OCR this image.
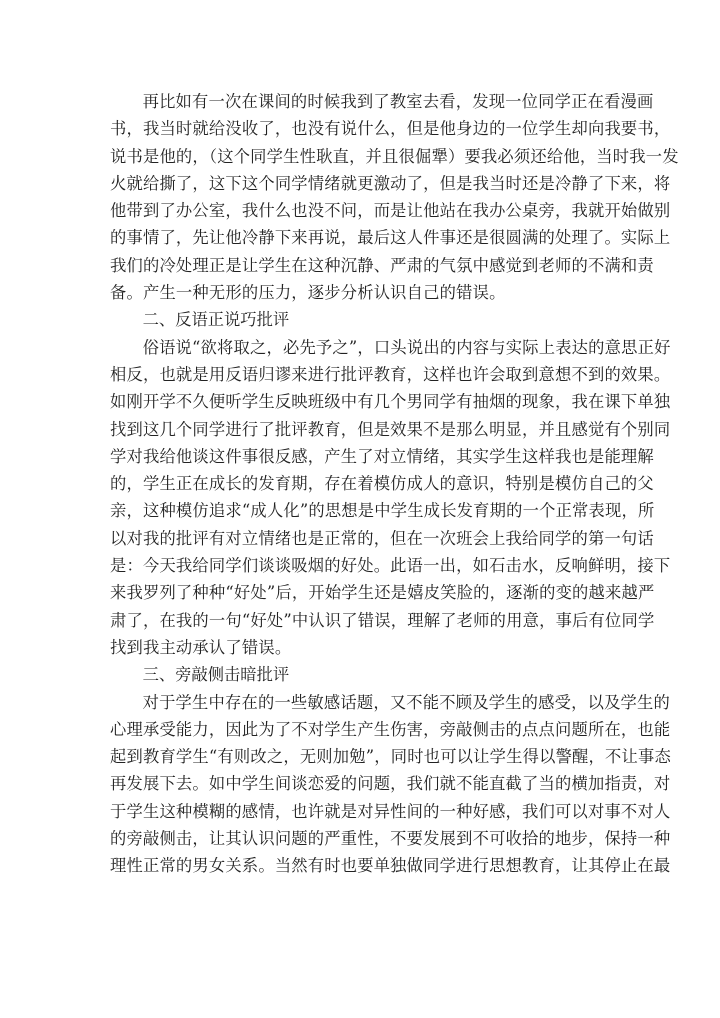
再比如有一次在课间的时候我到了教室去看，发现一位同学正在看漫画
书，我当时就给没收了，也没有说什么，但是他身边的一位学生却向我要书，
说书是他的，（这个同学生性耿直，并且很倔犟）要我必须还给他，当时我一发
火就给撕了，这下这个同学情绪就更激动了，但是我当时还是冷静了下来，将
他带到了办公室，我什么也没不问，而是让他站在我办公桌旁，我就开始做别
的事情了，先让他冷静下来再说，最后这人件事还是很圆满的处理了。实际上
我们的冷处理正是让学生在这种沉静、严肃的气氛中感觉到老师的不满和责
备。产生一种无形的压力，逐步分析认识自己的错误。

二、反语正说巧批评

俗语说“欲将取之，必先予之”，口头说出的内容与实际上表达的意思正好
相反，也就是用反语归谬来进行批评教育，这样也许会取到意想不到的效果。
如刚开学不久便听学生反映班级中有几个男同学有抽烟的现象，我在课下单独
找到这几个同学进行了批评教育，但是效果不是那么明显，并且感觉有个别同
学对我给他谈这件事很反感，产生了对立情绪，其实学生这样我也是能理解
的，学生正在成长的发育期，存在着模仿成人的意识，特别是模仿自己的父
亲，这种模仿追求“成人化”的思想是中学生成长发育期的一个正常表现，所
以对我的批评有对立情绪也是正常的，但在一次班会上我给同学的第一句话
是：今天我给同学们谈谈吸烟的好处。此语一出，如石击水，反响鲜明，接下
来我罗列了种种“好处”后，开始学生还是嬉皮笑脸的，逐渐的变的越来越严
肃了，在我的一句“好处”中认识了错误，理解了老师的用意，事后有位同学
找到我主动承认了错误。

三、旁敲侧击暗批评

对于学生中存在的一些敏感话题，又不能不顾及学生的感受，以及学生的
心理承受能力，因此为了不对学生产生伤害，旁敲侧击的点点问题所在，也能
起到教育学生“有则改之，无则加勉”，同时也可以让学生得以警醒，不让事态
再发展下去。如中学生间谈恋爱的问题，我们就不能直截了当的横加指责，对
于学生这种模糊的感情，也许就是对异性间的一种好感，我们可以对事不对人
的旁敲侧击，让其认识问题的严重性，不要发展到不可收拾的地步，保持一种
理性正常的男女关系。当然有时也要单独做同学进行思想教育，让其停止在最
